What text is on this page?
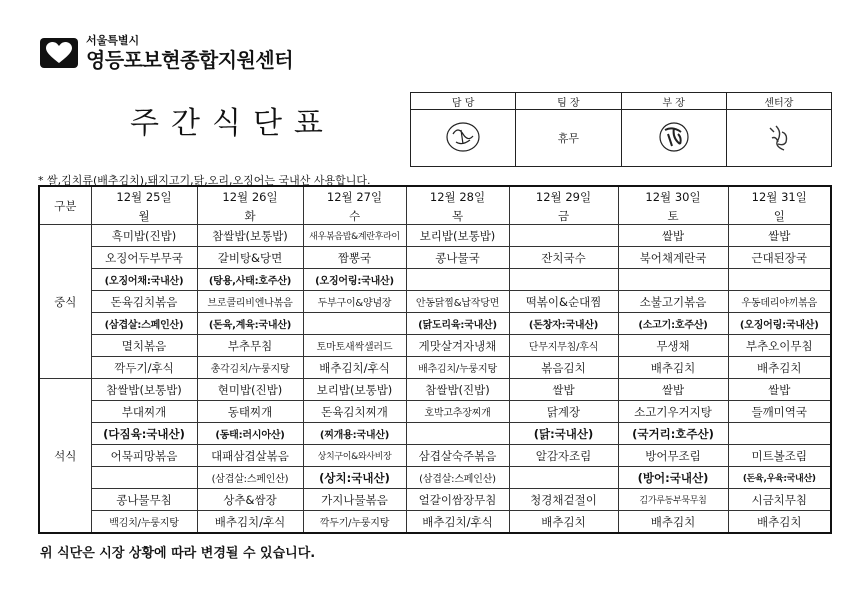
서울특별시
영등포보현종합지원센터
주간식단표
담 당	팀 장	부 장	센터장
	휴무		
* 쌀,김치류(배추김치),돼지고기,닭,오리,오징어는 국내산 사용합니다.
구분	12월 25일	12월 26일	12월 27일	12월 28일	12월 29일	12월 30일	12월 31일
	월	화	수	목	금	토	일
중식	흑미밥(진밥)	참쌀밥(보통밥)	새우볶음밥&계란후라이	보리밥(보통밥)		쌀밥	쌀밥
	오징어두부무국	갈비탕&당면	짬뽕국	콩나물국	잔치국수	북어채계란국	근대된장국
	(오징어채:국내산)	(탕용,사태:호주산)	(오징어링:국내산)				
	돈육김치볶음	브로콜리비엔나볶음	두부구이&양념장	안동닭찜&납작당면	떡볶이&순대찜	소불고기볶음	우동데리야끼볶음
	(삼겹살:스페인산)	(돈육,계육:국내산)		(닭도리육:국내산)	(돈창자:국내산)	(소고기:호주산)	(오징어링:국내산)
	멸치볶음	부추무침	토마토새싹샐러드	게맛살겨자냉채	단무지무침/후식	무생채	부추오이무침
	깍두기/후식	총각김치/누룽지탕	배추김치/후식	배추김치/누룽지탕	볶음김치	배추김치	배추김치
석식	참쌀밥(보통밥)	현미밥(진밥)	보리밥(보통밥)	참쌀밥(진밥)	쌀밥	쌀밥	쌀밥
	부대찌개	동태찌개	돈육김치찌개	호박고추장찌개	닭계장	소고기우거지탕	들깨미역국
	(다짐육:국내산)	(동태:러시아산)	(찌개용:국내산)		(닭:국내산)	(국거리:호주산)	
	어묵피망볶음	대패삼겹살볶음	상치구이&와사비장	삼겹살숙주볶음	알감자조림	방어무조림	미트볼조림
		(삼겹살:스페인산)	(상치:국내산)	(삼겹살:스페인산)		(방어:국내산)	(돈육,우육:국내산)
	콩나물무침	상추&쌈장	가지나물볶음	얼갈이쌈장무침	청경채겉절이	김가루동부묵무침	시금치무침
	백김치/누룽지탕	배추김치/후식	깍두기/누룽지탕	배추김치/후식	배추김치	배추김치	배추김치
위 식단은 시장 상황에 따라 변경될 수 있습니다.
